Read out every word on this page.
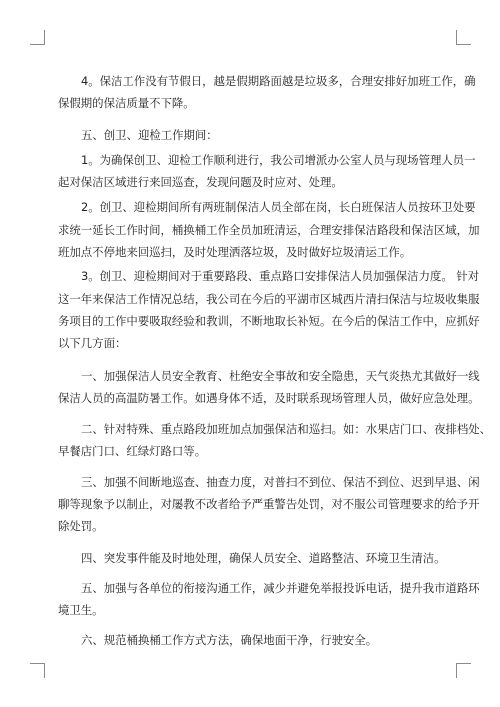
4。保洁工作没有节假日，越是假期路面越是垃圾多，合理安排好加班工作，确
保假期的保洁质量不下降。
五、创卫、迎检工作期间：
1。为确保创卫、迎检工作顺利进行，我公司增派办公室人员与现场管理人员一
起对保洁区域进行来回巡查，发现问题及时应对、处理。
2。创卫、迎检期间所有两班制保洁人员全部在岗，长白班保洁人员按环卫处要
求统一延长工作时间，桶换桶工作全员加班清运，合理安排保洁路段和保洁区域，加
班加点不停地来回巡扫，及时处理洒落垃圾，及时做好垃圾清运工作。
3。创卫、迎检期间对于重要路段、重点路口安排保洁人员加强保洁力度。 针对
这一年来保洁工作情况总结，我公司在今后的平湖市区城西片清扫保洁与垃圾收集服
务项目的工作中要吸取经验和教训，不断地取长补短。在今后的保洁工作中，应抓好
以下几方面：
一、加强保洁人员安全教育、杜绝安全事故和安全隐患，天气炎热尤其做好一线
保洁人员的高温防暑工作。如遇身体不适，及时联系现场管理人员，做好应急处理。
二、针对特殊、重点路段加班加点加强保洁和巡扫。如：水果店门口、夜排档处、
早餐店门口、红绿灯路口等。
三、加强不间断地巡查、抽查力度，对普扫不到位、保洁不到位、迟到早退、闲
聊等现象予以制止，对屡教不改者给予严重警告处罚，对不服公司管理要求的给予开
除处罚。
四、突发事件能及时地处理，确保人员安全、道路整洁、环境卫生清洁。
五、加强与各单位的衔接沟通工作，减少并避免举报投诉电话，提升我市道路环
境卫生。
六、规范桶换桶工作方式方法，确保地面干净，行驶安全。
